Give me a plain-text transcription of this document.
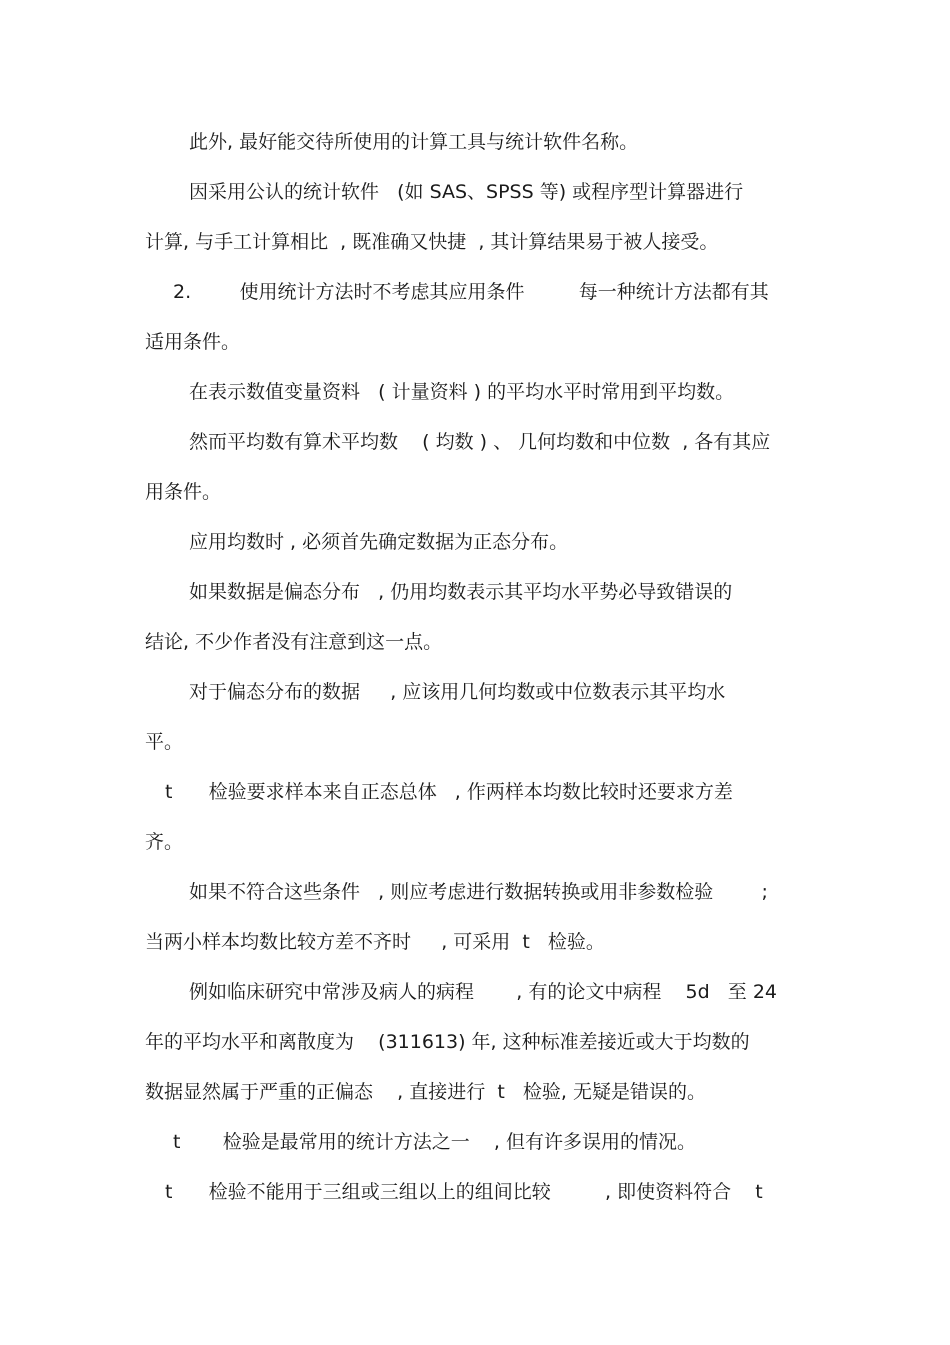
此外, 最好能交待所使用的计算工具与统计软件名称。
因采用公认的统计软件   (如 SAS、SPSS 等) 或程序型计算器进行
计算, 与手工计算相比  , 既准确又快捷  , 其计算结果易于被人接受。
2.        使用统计方法时不考虑其应用条件         每一种统计方法都有其
适用条件。
在表示数值变量资料   ( 计量资料 ) 的平均水平时常用到平均数。
然而平均数有算术平均数    ( 均数 ) 、 几何均数和中位数  , 各有其应
用条件。
应用均数时 , 必须首先确定数据为正态分布。
如果数据是偏态分布   , 仍用均数表示其平均水平势必导致错误的
结论, 不少作者没有注意到这一点。
对于偏态分布的数据     , 应该用几何均数或中位数表示其平均水
平。
t      检验要求样本来自正态总体   , 作两样本均数比较时还要求方差
齐。
如果不符合这些条件   , 则应考虑进行数据转换或用非参数检验        ;
当两小样本均数比较方差不齐时     , 可采用  t   检验。
例如临床研究中常涉及病人的病程       , 有的论文中病程    5d   至 24
年的平均水平和离散度为    (311613) 年, 这种标准差接近或大于均数的
数据显然属于严重的正偏态    , 直接进行  t   检验, 无疑是错误的。
t       检验是最常用的统计方法之一    , 但有许多误用的情况。
t      检验不能用于三组或三组以上的组间比较         , 即使资料符合    t
